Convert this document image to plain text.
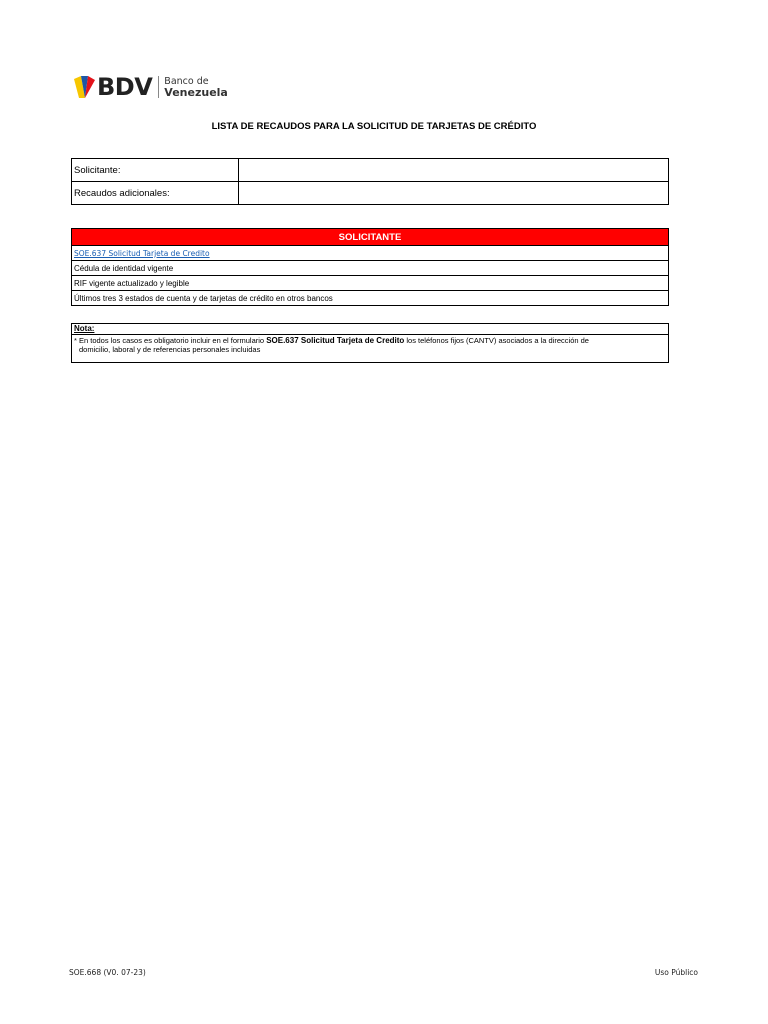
BDV Banco de
Venezuela
LISTA DE RECAUDOS PARA LA SOLICITUD DE TARJETAS DE CRÉDITO
Solicitante:	
Recaudos adicionales:	
SOLICITANTE
SOE.637 Solicitud Tarjeta de Credito
Cédula de identidad vigente
RIF vigente actualizado y legible
Últimos tres 3 estados de cuenta y de tarjetas de crédito en otros bancos
Nota:
* En todos los casos es obligatorio incluir en el formulario SOE.637 Solicitud Tarjeta de Credito los teléfonos fijos (CANTV) asociados a la dirección de
domicilio, laboral y de referencias personales incluidas
SOE.668 (V0. 07-23)	Uso Público
